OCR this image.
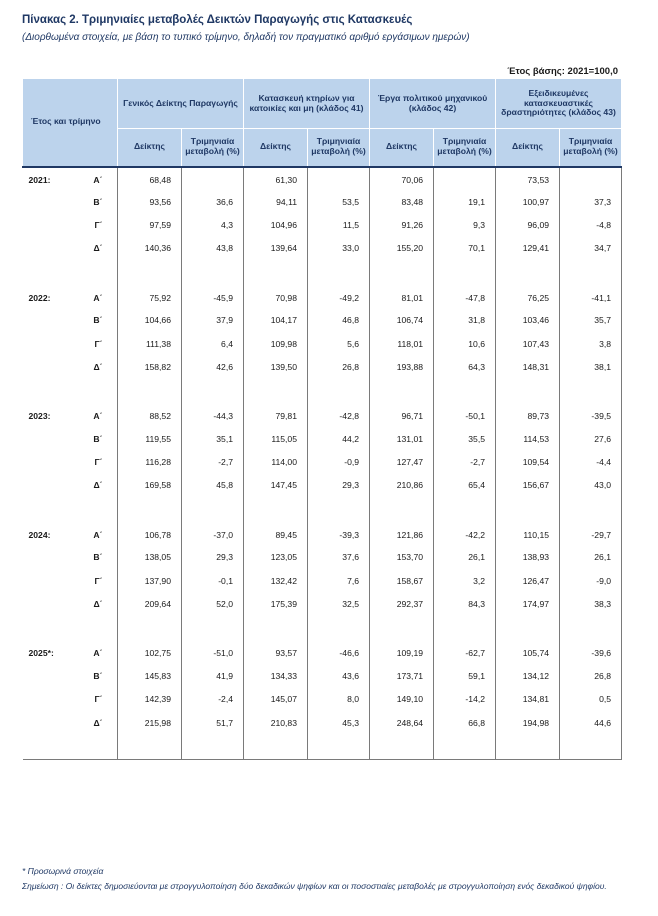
Πίνακας 2. Τριμηνιαίες μεταβολές Δεικτών Παραγωγής στις Κατασκευές
(Διορθωμένα στοιχεία, με βάση το τυπικό τρίμηνο, δηλαδή τον πραγματικό αριθμό εργάσιμων ημερών)
Έτος βάσης: 2021=100,0
Έτος και τρίμηνο	Γενικός Δείκτης Παραγωγής		Κατασκευή κτηρίων για κατοικίες και μη (κλάδος 41)		Έργα πολιτικού μηχανικού (κλάδος 42)		Εξειδικευμένες κατασκευαστικές δραστηριότητες (κλάδος 43)	
	Δείκτης	Τριμηνιαία μεταβολή (%)	Δείκτης	Τριμηνιαία μεταβολή (%)	Δείκτης	Τριμηνιαία μεταβολή (%)	Δείκτης	Τριμηνιαία μεταβολή (%)
2021: Α΄	68,48		61,30		70,06		73,53	
Β΄	93,56	36,6	94,11	53,5	83,48	19,1	100,97	37,3
Γ΄	97,59	4,3	104,96	11,5	91,26	9,3	96,09	-4,8
Δ΄	140,36	43,8	139,64	33,0	155,20	70,1	129,41	34,7

2022: Α΄	75,92	-45,9	70,98	-49,2	81,01	-47,8	76,25	-41,1
Β΄	104,66	37,9	104,17	46,8	106,74	31,8	103,46	35,7
Γ΄	111,38	6,4	109,98	5,6	118,01	10,6	107,43	3,8
Δ΄	158,82	42,6	139,50	26,8	193,88	64,3	148,31	38,1

2023: Α΄	88,52	-44,3	79,81	-42,8	96,71	-50,1	89,73	-39,5
Β΄	119,55	35,1	115,05	44,2	131,01	35,5	114,53	27,6
Γ΄	116,28	-2,7	114,00	-0,9	127,47	-2,7	109,54	-4,4
Δ΄	169,58	45,8	147,45	29,3	210,86	65,4	156,67	43,0

2024: Α΄	106,78	-37,0	89,45	-39,3	121,86	-42,2	110,15	-29,7
Β΄	138,05	29,3	123,05	37,6	153,70	26,1	138,93	26,1
Γ΄	137,90	-0,1	132,42	7,6	158,67	3,2	126,47	-9,0
Δ΄	209,64	52,0	175,39	32,5	292,37	84,3	174,97	38,3

2025*: Α΄	102,75	-51,0	93,57	-46,6	109,19	-62,7	105,74	-39,6
Β΄	145,83	41,9	134,33	43,6	173,71	59,1	134,12	26,8
Γ΄	142,39	-2,4	145,07	8,0	149,10	-14,2	134,81	0,5
Δ΄	215,98	51,7	210,83	45,3	248,64	66,8	194,98	44,6

* Προσωρινά στοιχεία
Σημείωση : Οι δείκτες δημοσιεύονται με στρογγυλοποίηση δύο δεκαδικών ψηφίων και οι ποσοστιαίες μεταβολές με στρογγυλοποίηση ενός δεκαδικού ψηφίου.
